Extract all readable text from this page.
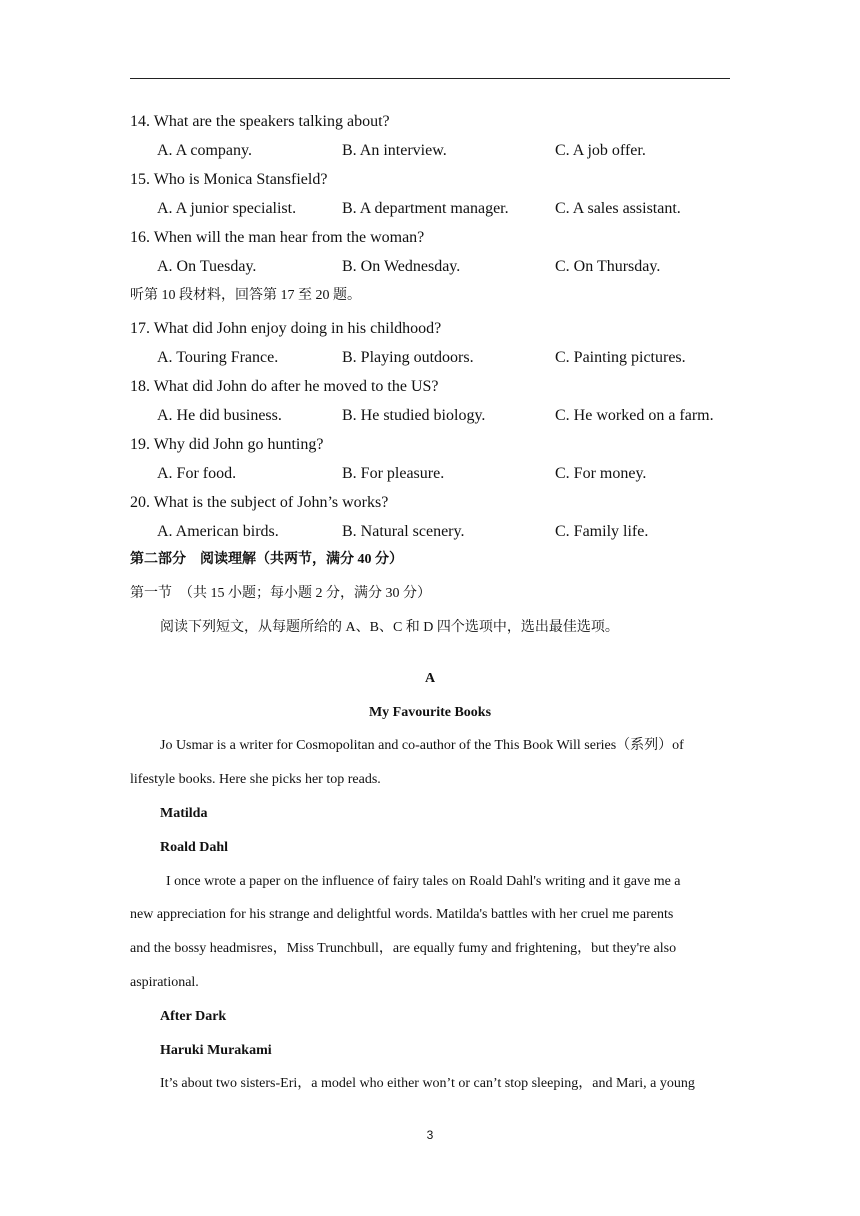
14. What are the speakers talking about?
A. A company.	B. An interview.	C. A job offer.
15. Who is Monica Stansfield?
A. A junior specialist.	B. A department manager.	C. A sales assistant.
16. When will the man hear from the woman?
A. On Tuesday.	B. On Wednesday.	C. On Thursday.
听第 10 段材料，回答第 17 至 20 题。
17. What did John enjoy doing in his childhood?
A. Touring France.	B. Playing outdoors.	C. Painting pictures.
18. What did John do after he moved to the US?
A. He did business.	B. He studied biology.	C. He worked on a farm.
19. Why did John go hunting?
A. For food.	B. For pleasure.	C. For money.
20. What is the subject of John’s works?
A. American birds.	B. Natural scenery.	C. Family life.
第二部分　阅读理解（共两节，满分 40 分）
第一节　（共 15 小题；每小题 2 分，满分 30 分）
阅读下列短文，从每题所给的 A、B、C 和 D 四个选项中，选出最佳选项。
A
My Favourite Books
Jo Usmar is a writer for Cosmopolitan and co-author of the This Book Will series（系列）of
lifestyle books. Here she picks her top reads.
Matilda
Roald Dahl
I once wrote a paper on the influence of fairy tales on Roald Dahl's writing and it gave me a
new appreciation for his strange and delightful words. Matilda's battles with her cruel me parents
and the bossy headmisres，Miss Trunchbull，are equally fumy and frightening，but they're also
aspirational.
After Dark
Haruki Murakami
It’s about two sisters-Eri，a model who either won’t or can’t stop sleeping，and Mari, a young
3
